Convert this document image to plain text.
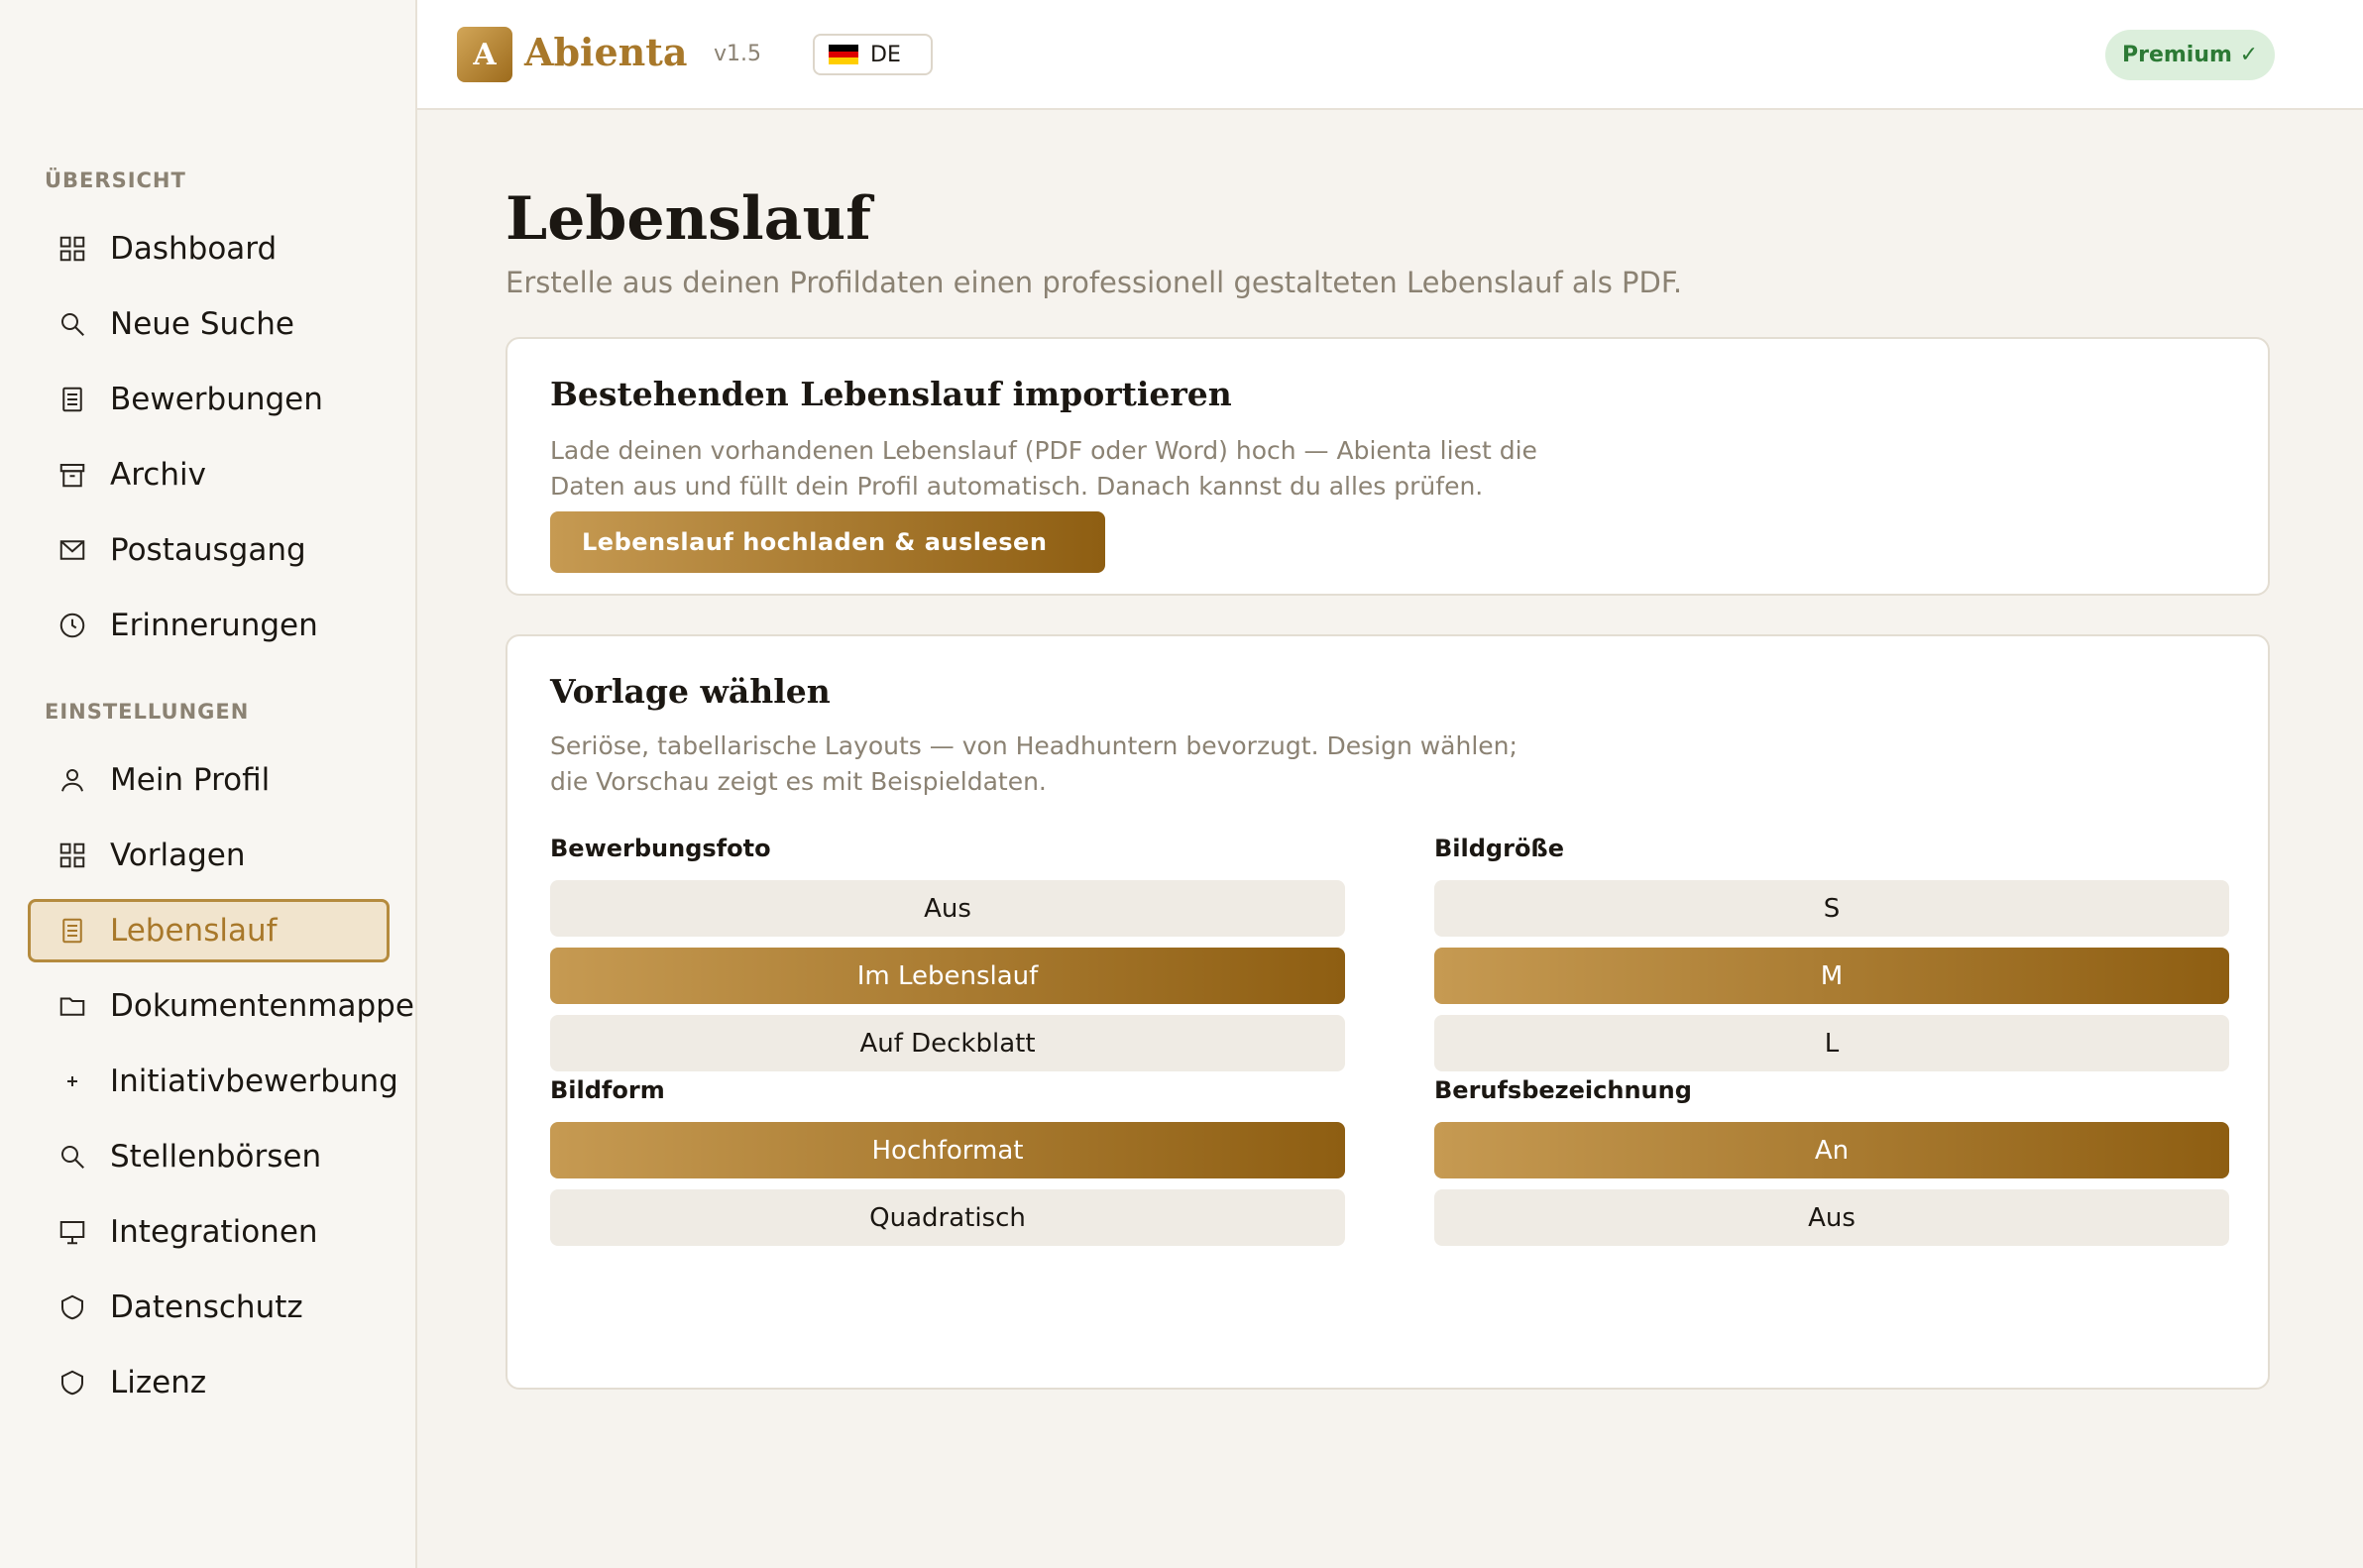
ÜBERSICHT
Dashboard
Neue Suche
Bewerbungen
Archiv
Postausgang
Erinnerungen
EINSTELLUNGEN
Mein Profil
Vorlagen
Lebenslauf
Dokumentenmappe
Initiativbewerbung
Stellenbörsen
Integrationen
Datenschutz
Lizenz
A Abienta v1.5	DE	Premium ✓
Lebenslauf

Erstelle aus deinen Profildaten einen professionell gestalteten Lebenslauf als PDF.

Bestehenden Lebenslauf importieren

Lade deinen vorhandenen Lebenslauf (PDF oder Word) hoch — Abienta liest die
Daten aus und füllt dein Profil automatisch. Danach kannst du alles prüfen.

Lebenslauf hochladen & auslesen
Vorlage wählen

Seriöse, tabellarische Layouts — von Headhuntern bevorzugt. Design wählen;
die Vorschau zeigt es mit Beispieldaten.

Bewerbungsfoto
Aus
Im Lebenslauf
Auf Deckblatt
Bildgröße
S
M
L
Bildform
Hochformat
Quadratisch
Berufsbezeichnung
An
Aus
